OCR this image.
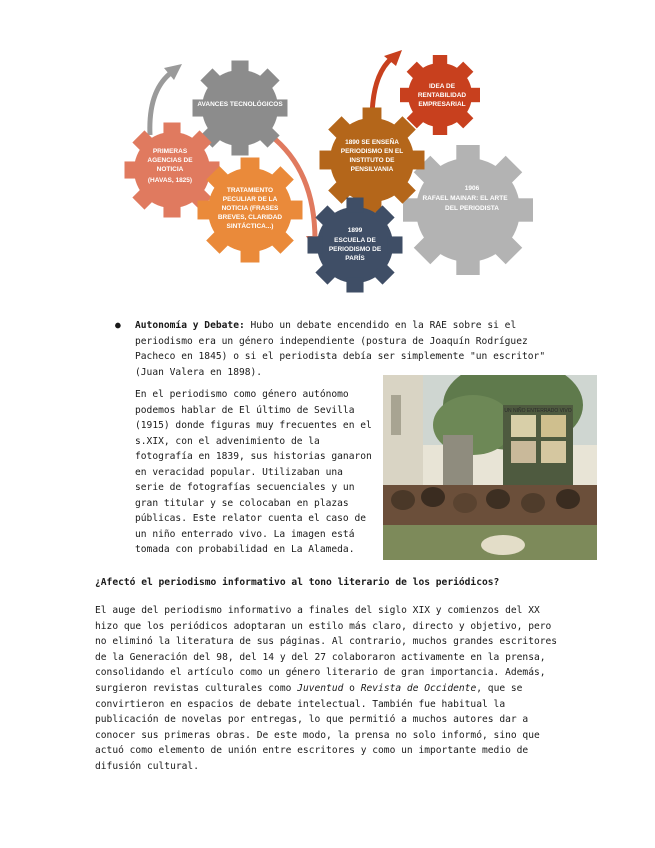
AVANCES TECNOLÓGICOS
PRIMERAS
AGENCIAS DE
NOTICIA
(HAVAS, 1825)
TRATAMIENTO
PECULIAR DE LA
NOTICIA (FRASES
BREVES, CLARIDAD
SINTÁCTICA...)
1906
RAFAEL MAINAR: EL ARTE
DEL PERIODISTA
1890 SE ENSEÑA
PERIODISMO EN EL
INSTITUTO DE
PENSILVANIA
IDEA DE
RENTABILIDAD
EMPRESARIAL
1899
ESCUELA DE
PERIODISMO DE
PARÍS
● Autonomía y Debate: Hubo un debate encendido en la RAE sobre si el periodismo era un género independiente (postura de Joaquín Rodríguez Pacheco en 1845) o si el periodista debía ser simplemente "un escritor" (Juan Valera en 1898).
En el periodismo como género autónomo podemos hablar de El último de Sevilla (1915) donde figuras muy frecuentes en el s.XIX, con el advenimiento de la fotografía en 1839, sus historias ganaron en veracidad popular. Utilizaban una serie de fotografías secuenciales y un gran titular y se colocaban en plazas públicas. Este relator cuenta el caso de un niño enterrado vivo. La imagen está tomada con probabilidad en La Alameda.
UN NIÑO ENTERRADO VIVO
¿Afectó el periodismo informativo al tono literario de los periódicos?
El auge del periodismo informativo a finales del siglo XIX y comienzos del XX hizo que los periódicos adoptaran un estilo más claro, directo y objetivo, pero no eliminó la literatura de sus páginas. Al contrario, muchos grandes escritores de la Generación del 98, del 14 y del 27 colaboraron activamente en la prensa, consolidando el artículo como un género literario de gran importancia. Además, surgieron revistas culturales como Juventud o Revista de Occidente, que se convirtieron en espacios de debate intelectual. También fue habitual la publicación de novelas por entregas, lo que permitió a muchos autores dar a conocer sus primeras obras. De este modo, la prensa no solo informó, sino que actuó como elemento de unión entre escritores y como un importante medio de difusión cultural.
